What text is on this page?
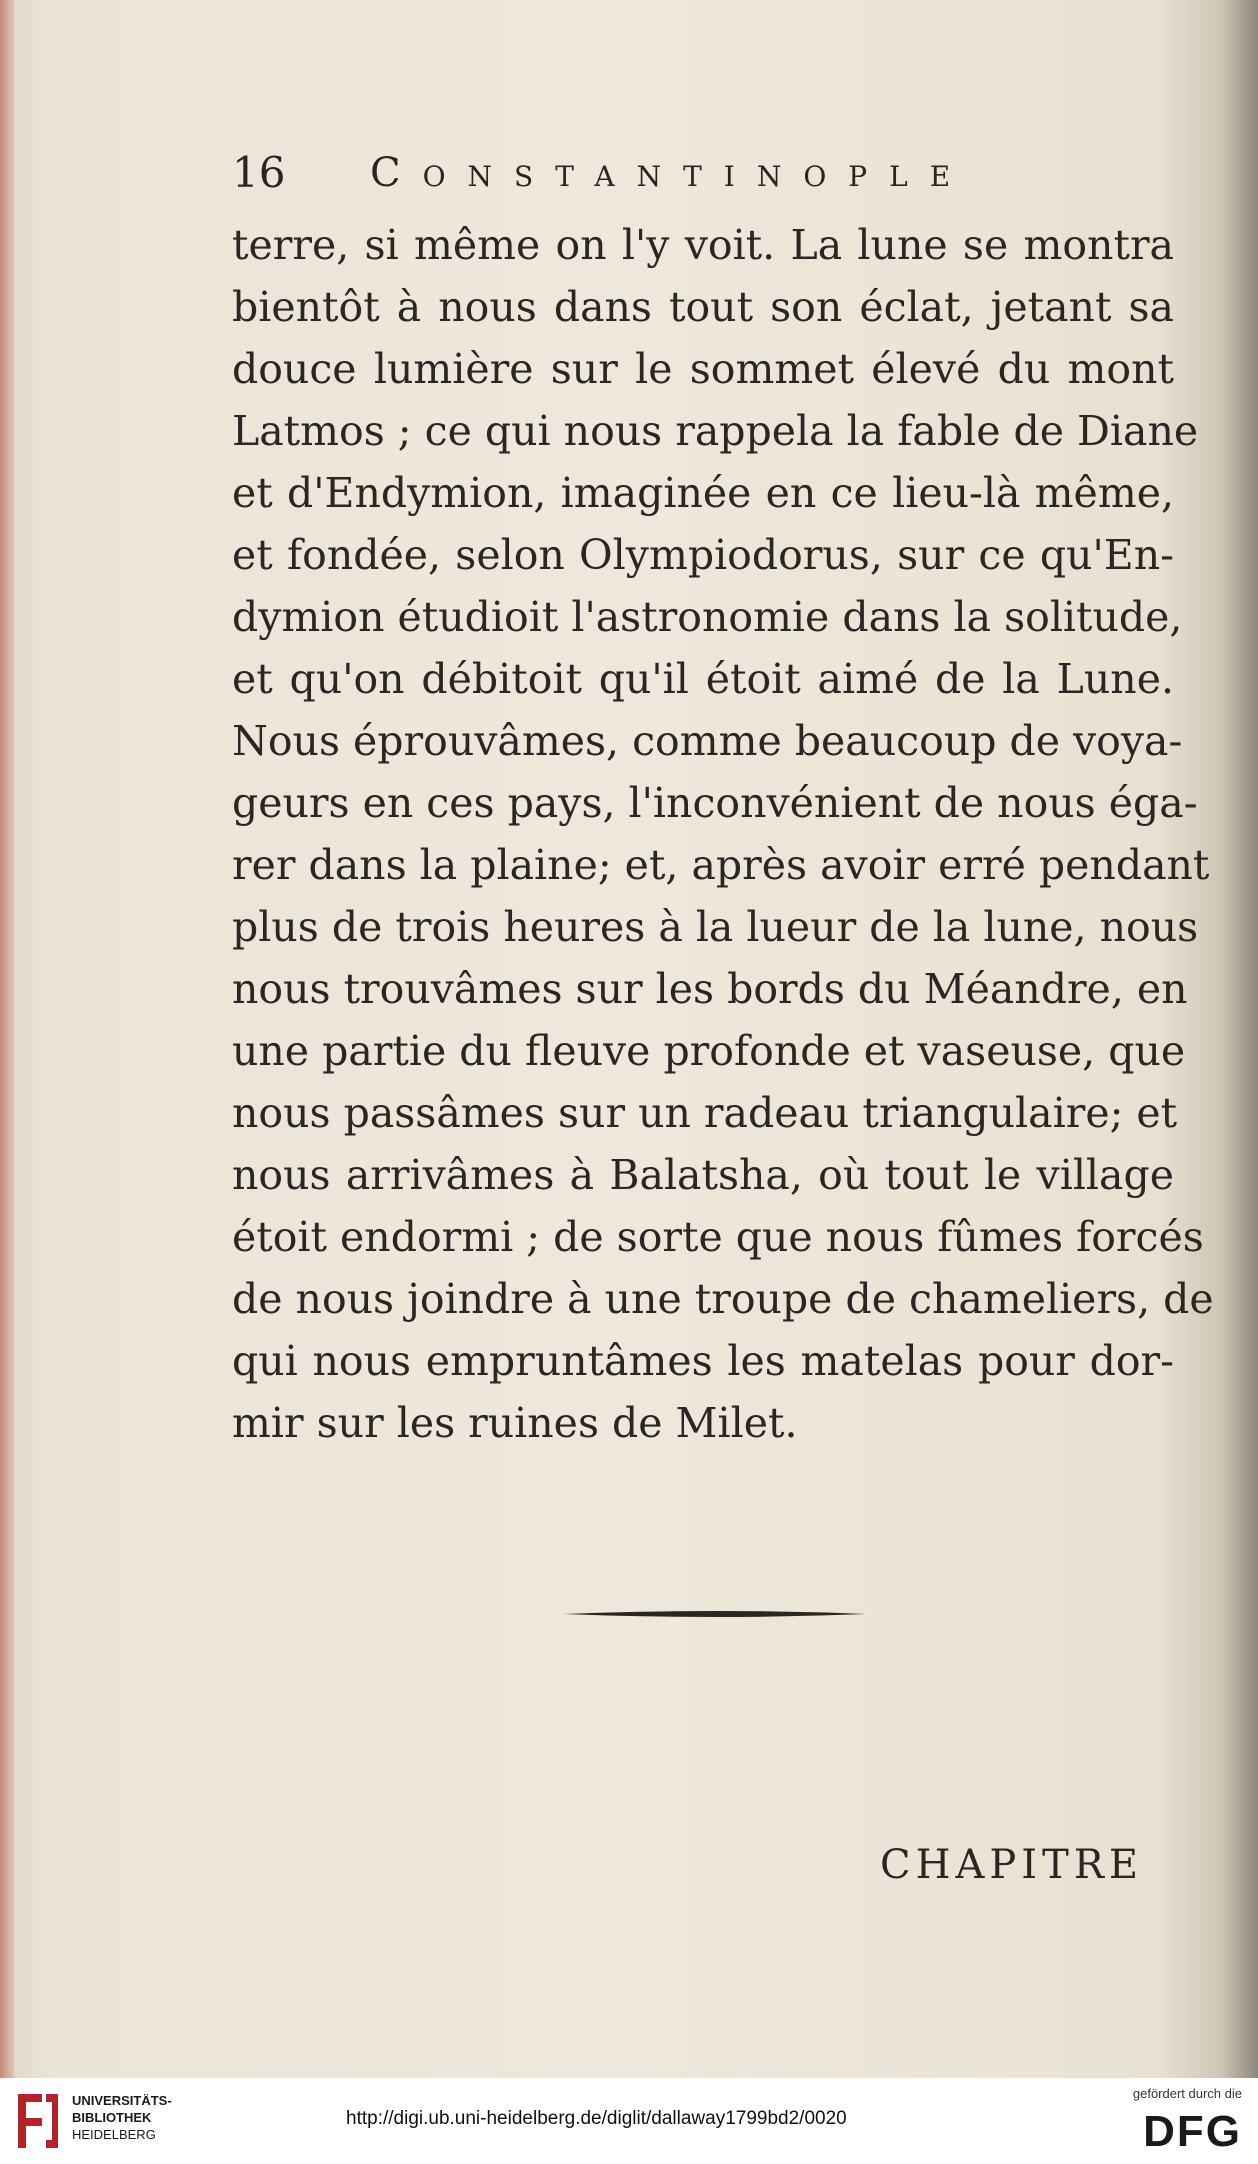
16 Constantinople
terre, si même on l'y voit. La lune se montra
bientôt à nous dans tout son éclat, jetant sa
douce lumière sur le sommet élevé du mont
Latmos ; ce qui nous rappela la fable de Diane
et d'Endymion, imaginée en ce lieu-là même,
et fondée, selon Olympiodorus, sur ce qu'En-
dymion étudioit l'astronomie dans la solitude,
et qu'on débitoit qu'il étoit aimé de la Lune.
Nous éprouvâmes, comme beaucoup de voya-
geurs en ces pays, l'inconvénient de nous éga-
rer dans la plaine; et, après avoir erré pendant
plus de trois heures à la lueur de la lune, nous
nous trouvâmes sur les bords du Méandre, en
une partie du fleuve profonde et vaseuse, que
nous passâmes sur un radeau triangulaire; et
nous arrivâmes à Balatsha, où tout le village
étoit endormi ; de sorte que nous fûmes forcés
de nous joindre à une troupe de chameliers, de
qui nous empruntâmes les matelas pour dor-
mir sur les ruines de Milet.
CHAPITRE
UNIVERSITÄTS-
BIBLIOTHEK
HEIDELBERG
http://digi.ub.uni-heidelberg.de/diglit/dallaway1799bd2/0020
gefördert durch die
DFG
